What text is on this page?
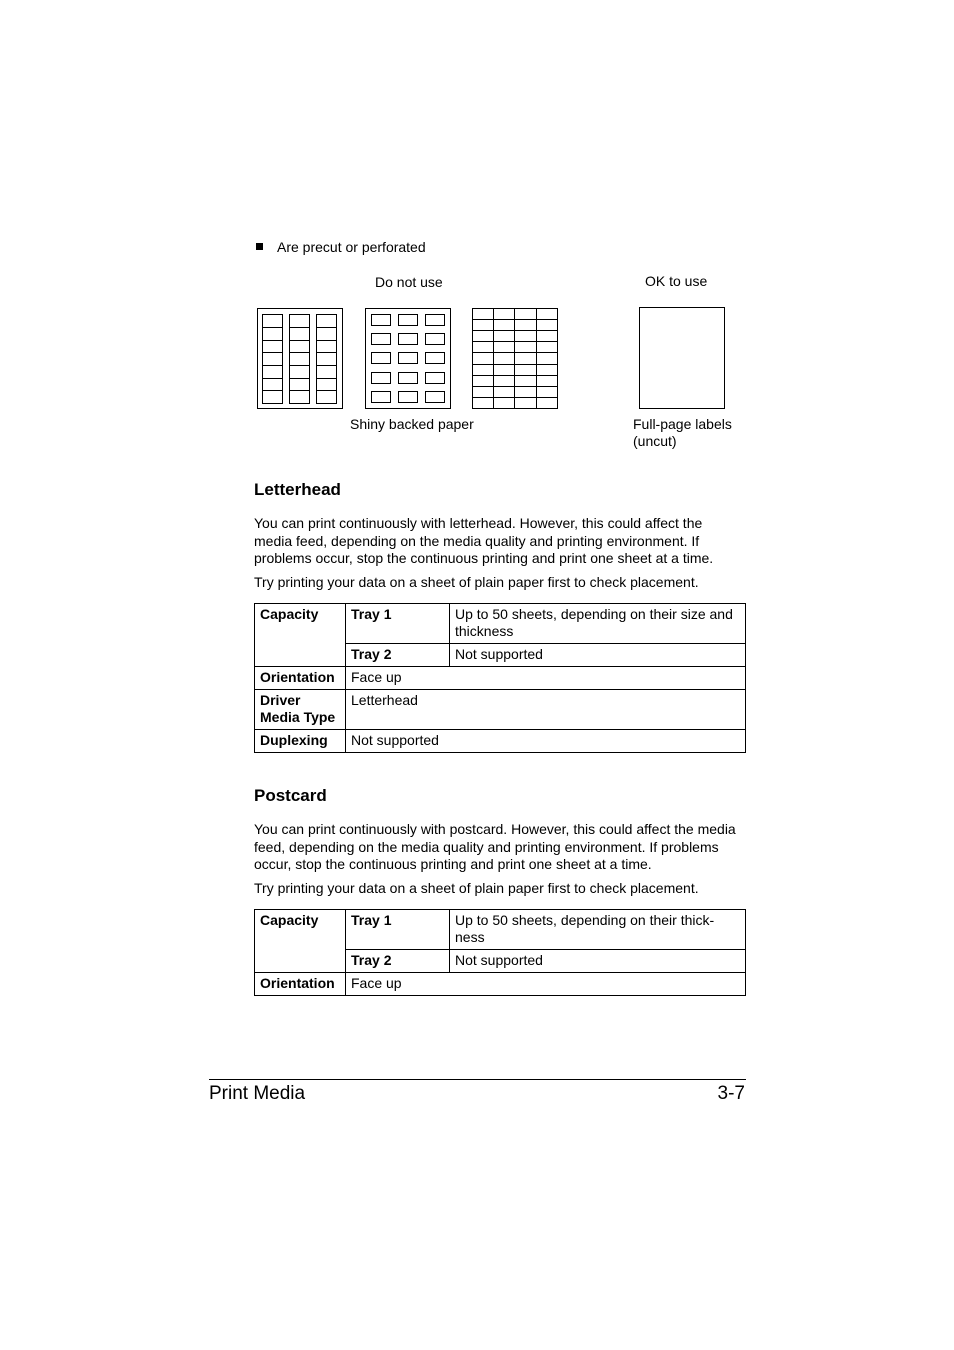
Are precut or perforated
Do not use	OK to use
Shiny backed paper	Full-page labels
(uncut)
Letterhead

You can print continuously with letterhead. However, this could affect the media feed, depending on the media quality and printing environment. If problems occur, stop the continuous printing and print one sheet at a time.

Try printing your data on a sheet of plain paper first to check placement.

Capacity	Tray 1	Up to 50 sheets, depending on their size and thickness
	Tray 2	Not supported
Orientation	Face up	

Driver
Media Type	Letterhead	
Duplexing	Not supported	
Postcard

You can print continuously with postcard. However, this could affect the media feed, depending on the media quality and printing environment. If problems occur, stop the continuous printing and print one sheet at a time.

Try printing your data on a sheet of plain paper first to check placement.

Capacity	Tray 1	Up to 50 sheets, depending on their thick-
ness

	Tray 2	Not supported
Orientation	Face up	
Print Media	3-7
